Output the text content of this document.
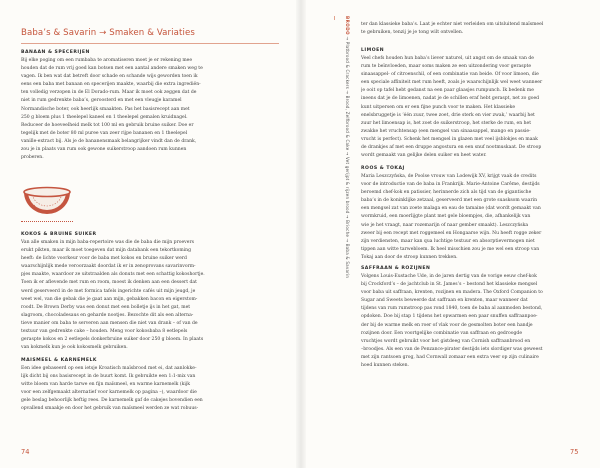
Baba’s & Savarin → Smaken & Variaties
BANAAN & SPECERIJEN
Bij elke poging om een rumbaba te aromatiseren moet je er rekening mee
houden dat de rum vrij goed kan botsen met een aantal andere smaken weg te
vagen. Ik ben wat dat betreft door schade en schande wijs geworden toen ik
eens een baba met banaan en specerijen maakte, waarbij die extra ingrediën-
ten volledig verzopen in de El Dorado-rum. Maar ik moet ook zeggen dat de
niet in rum gedrenkte baba’s, geroosterd en met een vleugje karamel
Normandische boter, ook heerlijk smaakten. Pas het basisrecept aan met
250 g bloem plus 1 theelepel kaneel en 1 theelepel gemalen kruidnagel.
Reduceer de hoeveelheid melk tot 100 ml en gebruik bruine suiker. Doe er
tegelijk met de boter 80 ml puree van zeer rijpe bananen en 1 theelepel
vanille-extract bij. Als je de bananensmaak belangrijker vindt dan de drank,
zou je in plaats van rum ook gewone suikerstroop aandoen rum kunnen
proberen.
KOKOS & BRUINE SUIKER
Van alle smaken in mijn baba-repertoire was die de baba die mijn proevers
erukt pikten, maar ik moet toegeven dat mijn databank een tekortkoming
heeft: de lichte voorkeur voor de baba met kokos en bruine suiker werd
waarschijnlijk mede veroorzaakt doordat ik er in zenoprovans savarinvorm-
pjes maakte, waardoor ze uitstraalden als donuts met een schattig kokoshortje.
Toen ik er aflevende met rum en room, moest ik denken aan een dessert dat
werd geserveerd in de met formica tafels ingerichte cafés uit mijn jeugd, je
weet wel, van die gebak die je gaat aan mijn, gebakken bacon en eigerstom-
roodt. De Brown Derby was een donut met een bolletje ijs in het gat, met
slagroom, chocoladesaus en geharde nootjes. Bezochte dit als een alterna-
tieve manier om baba te serveren aan mensen die niet van drank – of van de
textuur van gedrenkte cake – houden. Meng voor kokosbaba 8 eetlepels
geraspte kokos en 2 eetlepels donkerbruine suiker door 250 g bloem. In plaats
van kokmelk kun je ook kokosmelk gebruiken.
MAISMEEL & KARNEMELK
Een idee gebaseerd op een ietsje Kroatisch maïsbrood met ei, dat aanlokke-
lijk dicht bij ons basisrecept in de buurt komt. Ik gebruikte een 1:1-mix van
witte bloem van harde tarwe en fijn maïsmeel, en warme karnemelk (kijk
voor een zelfgemaakt alternatief voor karnemelk op pagina –), waardoor die
gele beslag behoorlijk heftig rees. De karnemelk gaf de cakejes bovendien een
opvallend smaakje en door het gebruik van maïsmeel werden ze wat robuus-
74
ter dan klassieke baba’s. Laat je echter niet verleiden om uitsluitend maïsmeel
te gebruiken, tenzij je je tong wilt ontvellen.
LIMOEN
Veel chefs houden hun baba’s liever naturel, uit angst om de smaak van de
rum te beïnvloeden, maar soms maken ze een uitzondering voor geraspte
sinaasappel- of citroenschil, of een combinatie van beide. Of voor limoen, die
een speciale affiniteit met rum heeft, zoals je waarschijnlijk wel weet wanneer
je ooit op tafel hebt gedanst na een paar glaasjes rumpunch. Ik bedenk me
ineens dat je de limoenen, nadat je de schillen eraf hebt geraspt, net zo goed
kunt uitpersen om er een fijne punch voor te maken. Het klassieke
enelsbruggetje is ‘één zuur, twee zoet, drie sterk en vier zwak,’ waarbij het
zuur het limoensap is, het zoet de suikerstroop, het sterke de rum, en het
zwakke het vruchtensap (een mengsel van sinaasappel, mango en passie-
vrucht is perfect). Schenk het mengsel in glazen met veel ijsblokjes en maak
de drankjes af met een druppe angostura en een snuf nootmuskaat. De stroop
wordt gemaakt van gelijke delen suiker en heet water.
ROOS & TOKAJ
Maria Leszczyńska, de Poolse vrouw van Lodewijk XV, krijgt vaak de credits
voor de introductie van de baba in Frankrijk. Marie-Antoine Carême, destijds
beroemd chef-kok en patissier, herinnerde zich als tijd van de gigantische
baba’s in de koninklijke zetzaal, geserveerd met een grote suasksom waarin
een mengsel zat van zoete malaga en eau de tamaine (dat wordt gemaakt van
wormkruid, een moerlijgte plant met gele bloempjes, die, afhankelijk van
wie je het vraagt, naar rozemarijn of naar gember smaakt). Leszczyńska
zweer bij een recept met roggemeel en Hongaarse wijn. Nu heeft rogge zeker
zijn verdiensten, maar kan qua luchtige textuur en absorptievermogen niet
tippen aan witte tarwebloem. Ik heel misschien zou je me wel een stroop van
Tokaj aan door de stroop kunnen trekken.
SAFFRAAN & ROZIJNEN
Volgens Louis-Eustache Ude, in de jaren dertig van de vorige eeuw chef-kok
bij Crockford’s – de jachtclub in St. James’s – bestond het klassieke mengsel
voor baba uit saffraan, krenten, rozijnen en madera. The Oxford Companion to
Sugar and Sweets beweerde dat saffraan en krenten, maar wanneer dat
tijdens van rum rumstroop pas rond 1840, toen de baba al aanmoden bestond,
opdoken. Doe bij stap 1 tijdens het opwarmen een paar snuffen saffraanpoe-
der bij de warme melk en roer of vlak voor de gesmolten boter een handje
rozijnen door. Een voortgelijke combinatie van saffraan en gedroogde
vruchtjes wordt gebruikt voor het gistdeeg van Cornish saffraanbrood en
–broodjes. Als een van de Penzance-pirater destijds iets slordiger was geweest
met zijn rantsoen grog, had Cornwall zomaar een extra veer op zijn culinaire
hoed kunnen steken.
75
BRODO → Platbrood & Crackers → Brood, Zelfbrood & Cake → Vet gerijpt & rijzen brood → Brioche → Baba & Savarin
